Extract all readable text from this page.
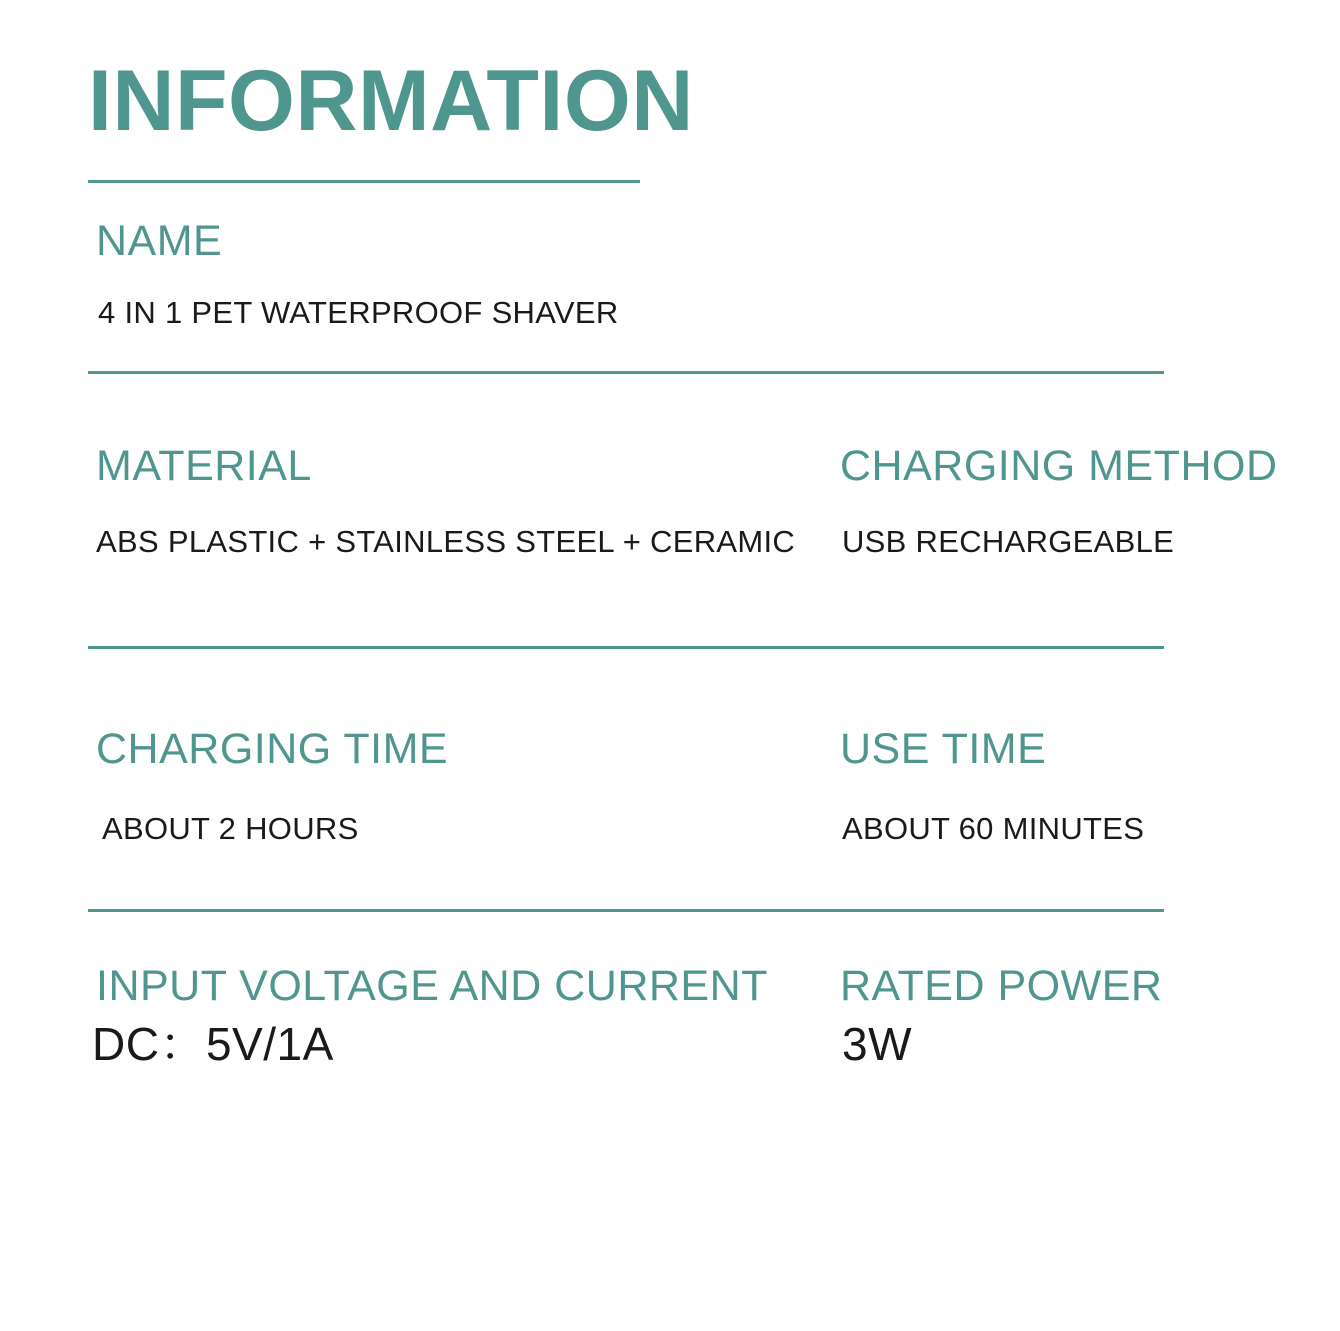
INFORMATION
NAME
4 IN 1 PET WATERPROOF SHAVER
MATERIAL
ABS PLASTIC + STAINLESS STEEL + CERAMIC
CHARGING METHOD
USB RECHARGEABLE
CHARGING TIME
ABOUT 2 HOURS
USE TIME
ABOUT 60 MINUTES
INPUT VOLTAGE AND CURRENT
DC：5V/1A
RATED POWER
3W
